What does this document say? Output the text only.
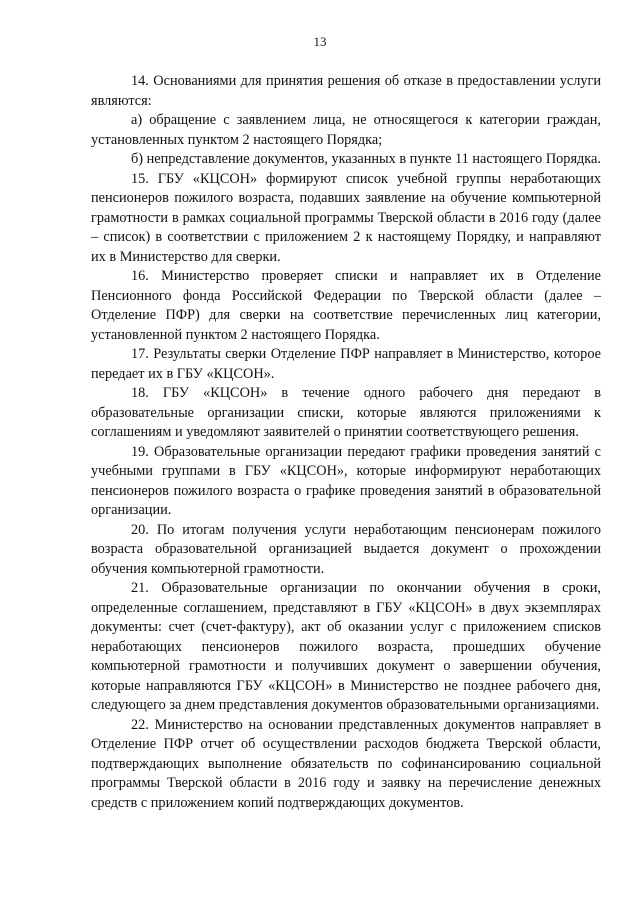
13

14. Основаниями для принятия решения об отказе в предоставлении услуги являются:

а) обращение с заявлением лица, не относящегося к категории граждан, установленных пунктом 2 настоящего Порядка;

б) непредставление документов, указанных в пункте 11 настоящего Порядка.

15. ГБУ «КЦСОН» формируют список учебной группы неработающих пенсионеров пожилого возраста, подавших заявление на обучение компьютерной грамотности в рамках социальной программы Тверской области в 2016 году (далее – список) в соответствии с приложением 2 к настоящему Порядку, и направляют их в Министерство для сверки.

16. Министерство проверяет списки и направляет их в Отделение Пенсионного фонда Российской Федерации по Тверской области (далее – Отделение ПФР) для сверки на соответствие перечисленных лиц категории, установленной пунктом 2 настоящего Порядка.

17. Результаты сверки Отделение ПФР направляет в Министерство, которое передает их в ГБУ «КЦСОН».

18. ГБУ «КЦСОН» в течение одного рабочего дня передают в образовательные организации списки, которые являются приложениями к соглашениям и уведомляют заявителей о принятии соответствующего решения.

19. Образовательные организации передают графики проведения занятий с учебными группами в ГБУ «КЦСОН», которые информируют неработающих пенсионеров пожилого возраста о графике проведения занятий в образовательной организации.

20. По итогам получения услуги неработающим пенсионерам пожилого возраста образовательной организацией выдается документ о прохождении обучения компьютерной грамотности.

21. Образовательные организации по окончании обучения в сроки, определенные соглашением, представляют в ГБУ «КЦСОН» в двух экземплярах документы: счет (счет-фактуру), акт об оказании услуг с приложением списков неработающих пенсионеров пожилого возраста, прошедших обучение компьютерной грамотности и получивших документ о завершении обучения, которые направляются ГБУ «КЦСОН» в Министерство не позднее рабочего дня, следующего за днем представления документов образовательными организациями.

22. Министерство на основании представленных документов направляет в Отделение ПФР отчет об осуществлении расходов бюджета Тверской области, подтверждающих выполнение обязательств по софинансированию социальной программы Тверской области в 2016 году и заявку на перечисление денежных средств с приложением копий подтверждающих документов.
